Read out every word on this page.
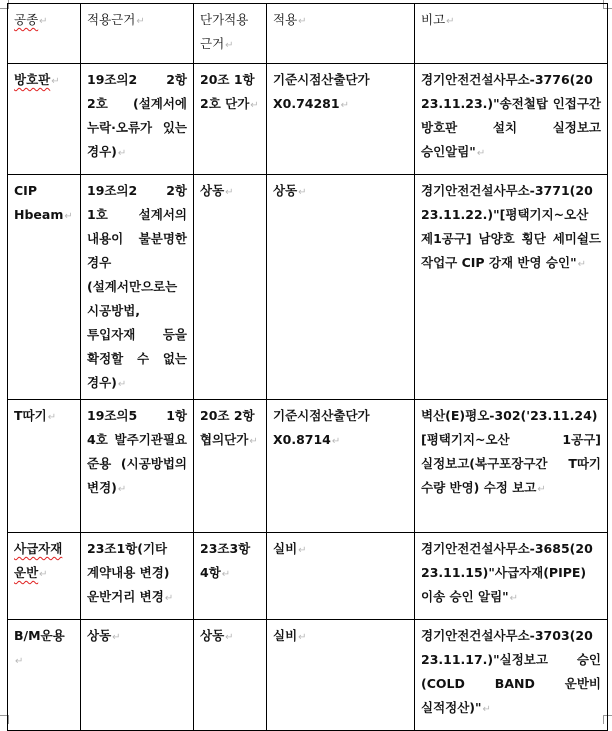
공종↵	적용근거↵	단가적용근거↵	적용↵	비고↵
방호판↵	19조의2 2항 2호 (설계서에 누락·오류가 있는 경우)↵	20조 1항 2호 단가↵	기준시점산출단가 X0.74281↵	경기안전건설사무소-3776(2023.11.23.)"송전철탑 인접구간 방호판 설치 실정보고 승인알림"↵
CIP Hbeam↵	19조의2 2항 1호 설계서의 내용이 불분명한 경우(설계서만으로는 시공방법, 투입자재 등을 확정할 수 없는 경우)↵	상동↵	상동↵	경기안전건설사무소-3771(2023.11.22.)"[평택기지~오산 제1공구] 남양호 횡단 세미쉴드 작업구 CIP 강재 반영 승인"↵
T따기↵	19조의5 1항 4호 발주기관필요 준용 (시공방법의 변경)↵	20조 2항 협의단가↵	기준시점산출단가 X0.8714↵	벽산(E)평오-302('23.11.24)[평택기지~오산 1공구] 실정보고(복구포장구간 T따기 수량 반영) 수정 보고↵
사급자재 운반↵	23조1항(기타 계약내용 변경) 운반거리 변경↵	23조3항 4항↵	실비↵	경기안전건설사무소-3685(2023.11.15)"사급자재(PIPE) 이송 승인 알림"↵
B/M운용↵	상동↵	상동↵	실비↵	경기안전건설사무소-3703(2023.11.17.)"실정보고 승인(COLD BAND 운반비 실적정산)"↵
